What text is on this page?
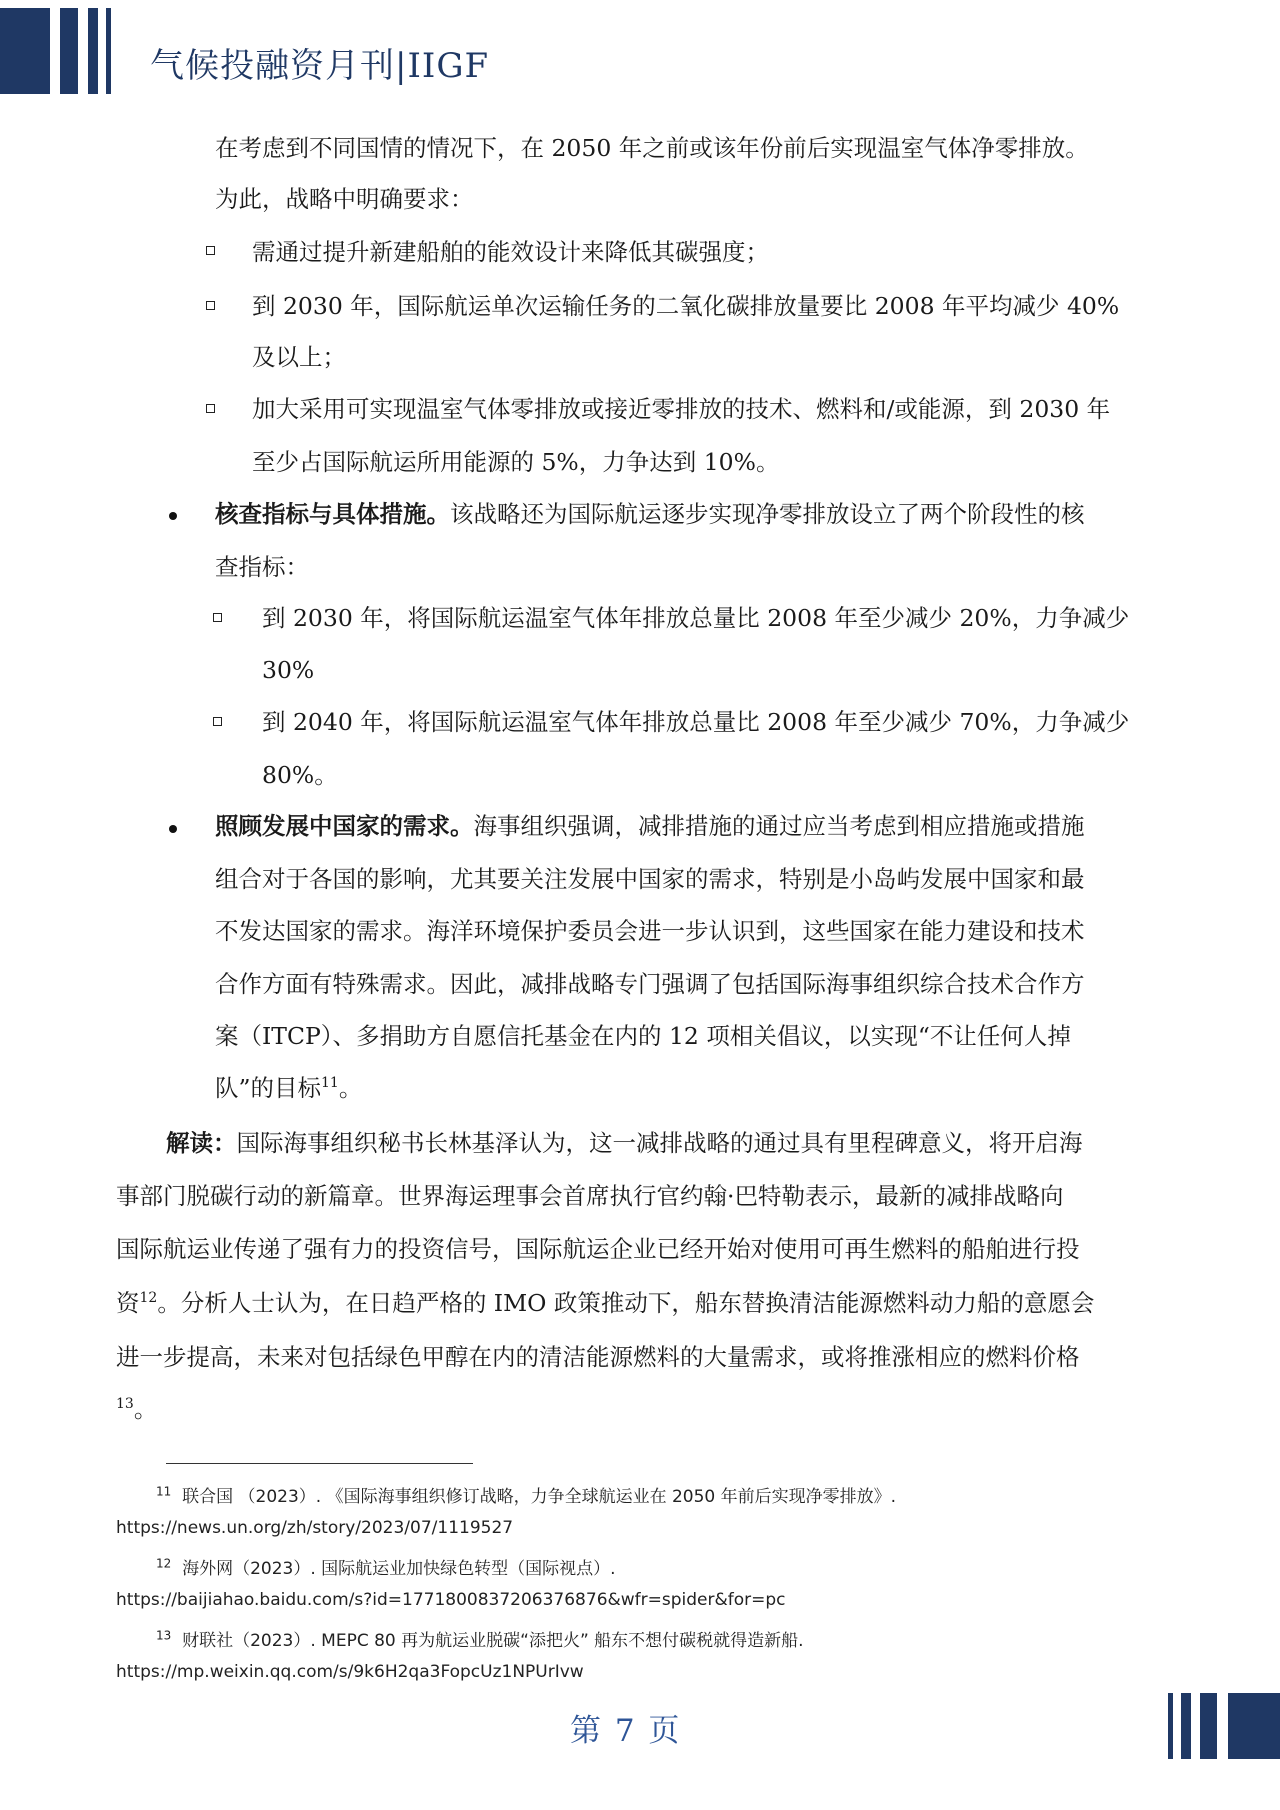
气候投融资月刊|IIGF
在考虑到不同国情的情况下，在 2050 年之前或该年份前后实现温室气体净零排放。
为此，战略中明确要求：
需通过提升新建船舶的能效设计来降低其碳强度；
到 2030 年，国际航运单次运输任务的二氧化碳排放量要比 2008 年平均减少 40%
及以上；
加大采用可实现温室气体零排放或接近零排放的技术、燃料和/或能源，到 2030 年
至少占国际航运所用能源的 5%，力争达到 10%。
核查指标与具体措施。该战略还为国际航运逐步实现净零排放设立了两个阶段性的核
查指标：
到 2030 年，将国际航运温室气体年排放总量比 2008 年至少减少 20%，力争减少
30%
到 2040 年，将国际航运温室气体年排放总量比 2008 年至少减少 70%，力争减少
80%。
照顾发展中国家的需求。海事组织强调，减排措施的通过应当考虑到相应措施或措施
组合对于各国的影响，尤其要关注发展中国家的需求，特别是小岛屿发展中国家和最
不发达国家的需求。海洋环境保护委员会进一步认识到，这些国家在能力建设和技术
合作方面有特殊需求。因此，减排战略专门强调了包括国际海事组织综合技术合作方
案（ITCP）、多捐助方自愿信托基金在内的 12 项相关倡议，以实现“不让任何人掉
队”的目标$^{11}$。
解读：国际海事组织秘书长林基泽认为，这一减排战略的通过具有里程碑意义，将开启海
事部门脱碳行动的新篇章。世界海运理事会首席执行官约翰·巴特勒表示，最新的减排战略向
国际航运业传递了强有力的投资信号，国际航运企业已经开始对使用可再生燃料的船舶进行投
资$^{12}$。分析人士认为，在日趋严格的 IMO 政策推动下，船东替换清洁能源燃料动力船的意愿会
进一步提高，未来对包括绿色甲醇在内的清洁能源燃料的大量需求，或将推涨相应的燃料价格
$^{13}$。
$^{11}$ 联合国 （2023）. 《国际海事组织修订战略，力争全球航运业在 2050 年前后实现净零排放》.
https://news.un.org/zh/story/2023/07/1119527
$^{12}$ 海外网（2023）. 国际航运业加快绿色转型（国际视点）.
https://baijiahao.baidu.com/s?id=1771800837206376876&wfr=spider&for=pc
$^{13}$ 财联社（2023）. MEPC 80 再为航运业脱碳“添把火” 船东不想付碳税就得造新船.
https://mp.weixin.qq.com/s/9k6H2qa3FopcUz1NPUrIvw
第 7 页
